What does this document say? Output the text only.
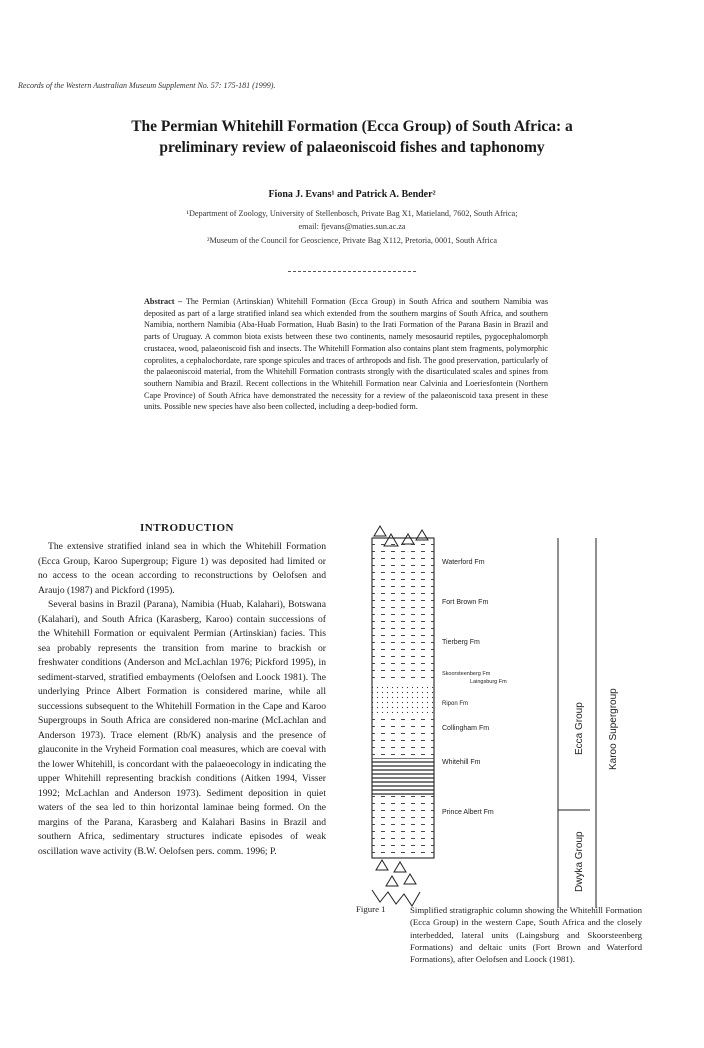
Records of the Western Australian Museum Supplement No. 57: 175-181 (1999).
The Permian Whitehill Formation (Ecca Group) of South Africa: a
preliminary review of palaeoniscoid fishes and taphonomy
Fiona J. Evans¹ and Patrick A. Bender²
¹Department of Zoology, University of Stellenbosch, Private Bag X1, Matieland, 7602, South Africa;
email: fjevans@maties.sun.ac.za
²Museum of the Council for Geoscience, Private Bag X112, Pretoria, 0001, South Africa
Abstract – The Permian (Artinskian) Whitehill Formation (Ecca Group) in South Africa and southern Namibia was deposited as part of a large stratified inland sea which extended from the southern margins of South Africa, and southern Namibia, northern Namibia (Aba-Huab Formation, Huab Basin) to the Irati Formation of the Parana Basin in Brazil and parts of Uruguay. A common biota exists between these two continents, namely mesosaurid reptiles, pygocephalomorph crustacea, wood, palaeoniscoid fish and insects. The Whitehill Formation also contains plant stem fragments, polymorphic coprolites, a cephalochordate, rare sponge spicules and traces of arthropods and fish. The good preservation, particularly of the palaeoniscoid material, from the Whitehill Formation contrasts strongly with the disarticulated scales and spines from southern Namibia and Brazil. Recent collections in the Whitehill Formation near Calvinia and Loeriesfontein (Northern Cape Province) of South Africa have demonstrated the necessity for a review of the palaeoniscoid taxa present in these units. Possible new species have also been collected, including a deep-bodied form.
INTRODUCTION

The extensive stratified inland sea in which the Whitehill Formation (Ecca Group, Karoo Supergroup; Figure 1) was deposited had limited or no access to the ocean according to reconstructions by Oelofsen and Araujo (1987) and Pickford (1995).

Several basins in Brazil (Parana), Namibia (Huab, Kalahari), Botswana (Kalahari), and South Africa (Karasberg, Karoo) contain successions of the Whitehill Formation or equivalent Permian (Artinskian) facies. This sea probably represents the transition from marine to brackish or freshwater conditions (Anderson and McLachlan 1976; Pickford 1995), in sediment-starved, stratified embayments (Oelofsen and Loock 1981). The underlying Prince Albert Formation is considered marine, while all successions subsequent to the Whitehill Formation in the Cape and Karoo Supergroups in South Africa are considered non-marine (McLachlan and Anderson 1973). Trace element (Rb/K) analysis and the presence of glauconite in the Vryheid Formation coal measures, which are coeval with the lower Whitehill, is concordant with the palaeoecology in indicating the upper Whitehill representing brackish conditions (Aitken 1994, Visser 1992; McLachlan and Anderson 1973). Sediment deposition in quiet waters of the sea led to thin horizontal laminae being formed. On the margins of the Parana, Karasberg and Kalahari Basins in Brazil and southern Africa, sedimentary structures indicate episodes of weak oscillation wave activity (B.W. Oelofsen pers. comm. 1996; P.

Waterford Fm
Fort Brown Fm
Tierberg Fm
Skoorsteenberg Fm
Laingsburg Fm
Ripon Fm
Collingham Fm
Whitehill Fm
Prince Albert Fm
Ecca Group
Dwyka Group
Karoo Supergroup
Figure 1	Simplified stratigraphic column showing the Whitehill Formation (Ecca Group) in the western Cape, South Africa and the closely interbedded, lateral units (Laingsburg and Skoorsteenberg Formations) and deltaic units (Fort Brown and Waterford Formations), after Oelofsen and Loock (1981).
